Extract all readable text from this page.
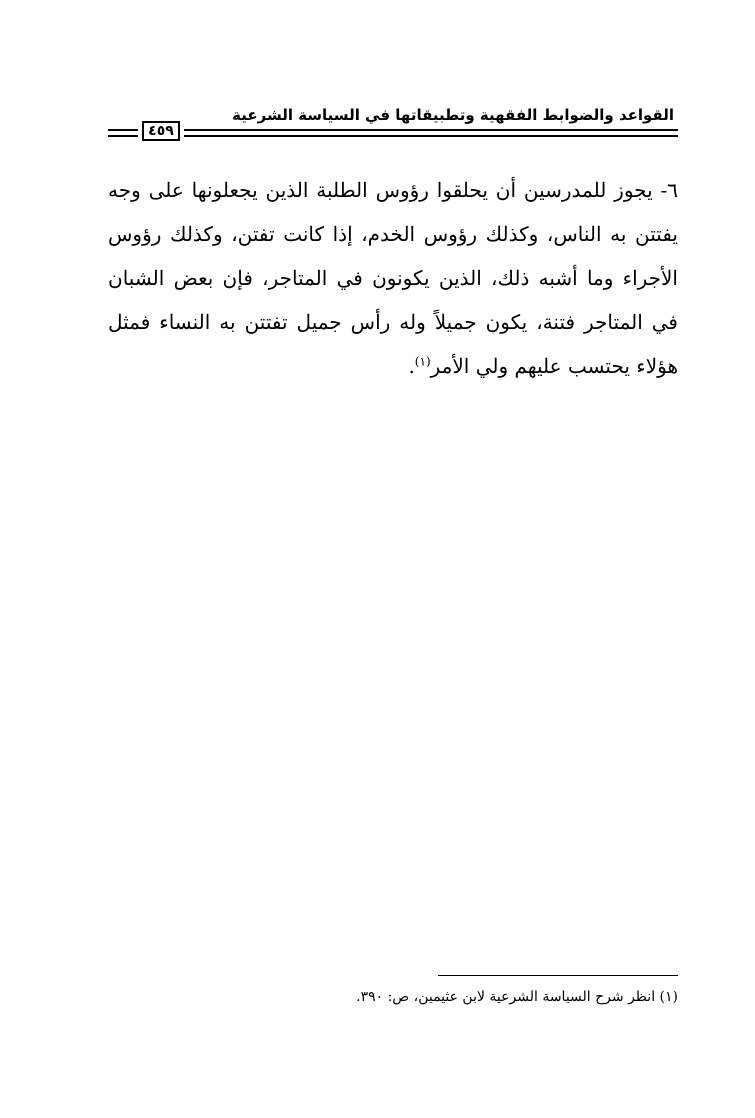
القواعد والضوابط الفقهية وتطبيقاتها في السياسة الشرعية
٤٥٩
٦- يجوز للمدرسين أن يحلقوا رؤوس الطلبة الذين يجعلونها على وجه يفتتن به الناس، وكذلك رؤوس الخدم، إذا كانت تفتن، وكذلك رؤوس الأجراء وما أشبه ذلك، الذين يكونون في المتاجر، فإن بعض الشبان في المتاجر فتنة، يكون جميلاً وله رأس جميل تفتتن به النساء فمثل هؤلاء يحتسب عليهم ولي الأمر$^{(١)}$.
(١) انظر شرح السياسة الشرعية لابن عثيمين، ص: ٣٩٠.
